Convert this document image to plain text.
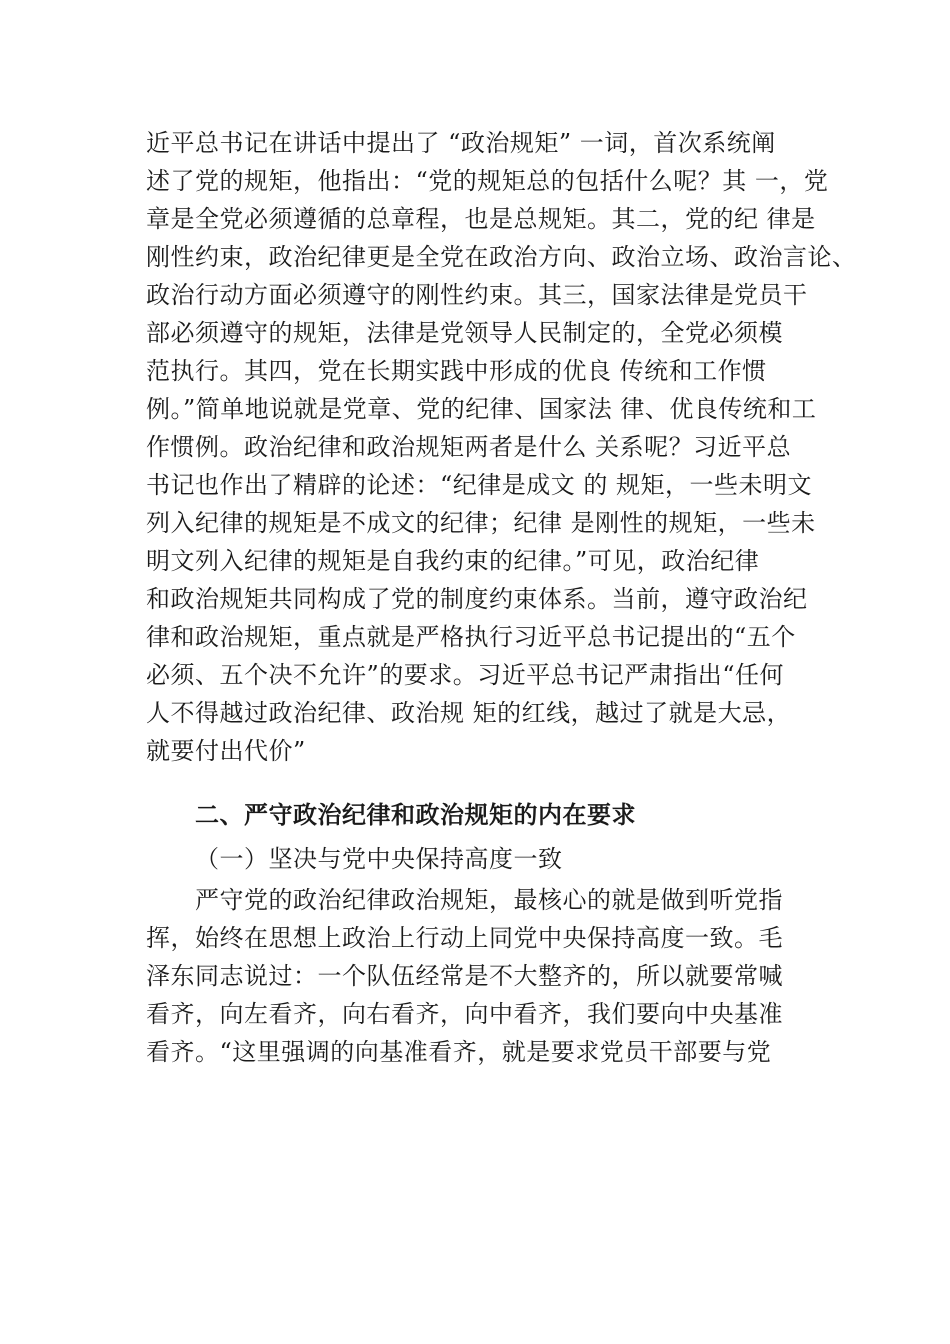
近平总书记在讲话中提出了 “政治规矩” 一词，首次系统阐
述了党的规矩，他指出：“党的规矩总的包括什么呢？其 一，党
章是全党必须遵循的总章程，也是总规矩。其二，党的纪 律是
刚性约束，政治纪律更是全党在政治方向、政治立场、政治言论、
政治行动方面必须遵守的刚性约束。其三，国家法律是党员干
部必须遵守的规矩，法律是党领导人民制定的，全党必须模
范执行。其四，党在长期实践中形成的优良 传统和工作惯
例。”简单地说就是党章、党的纪律、国家法 律、优良传统和工
作惯例。政治纪律和政治规矩两者是什么 关系呢？习近平总
书记也作出了精辟的论述：“纪律是成文 的 规矩，一些未明文
列入纪律的规矩是不成文的纪律；纪律 是刚性的规矩，一些未
明文列入纪律的规矩是自我约束的纪律。”可见，政治纪律
和政治规矩共同构成了党的制度约束体系。当前，遵守政治纪
律和政治规矩，重点就是严格执行习近平总书记提出的“五个
必须、五个决不允许”的要求。习近平总书记严肃指出“任何
人不得越过政治纪律、政治规 矩的红线，越过了就是大忌，
就要付出代价”
二、严守政治纪律和政治规矩的内在要求
（一）坚决与党中央保持高度一致
严守党的政治纪律政治规矩，最核心的就是做到听党指
挥，始终在思想上政治上行动上同党中央保持高度一致。毛
泽东同志说过：一个队伍经常是不大整齐的，所以就要常喊
看齐，向左看齐，向右看齐，向中看齐，我们要向中央基准
看齐。“这里强调的向基准看齐，就是要求党员干部要与党
